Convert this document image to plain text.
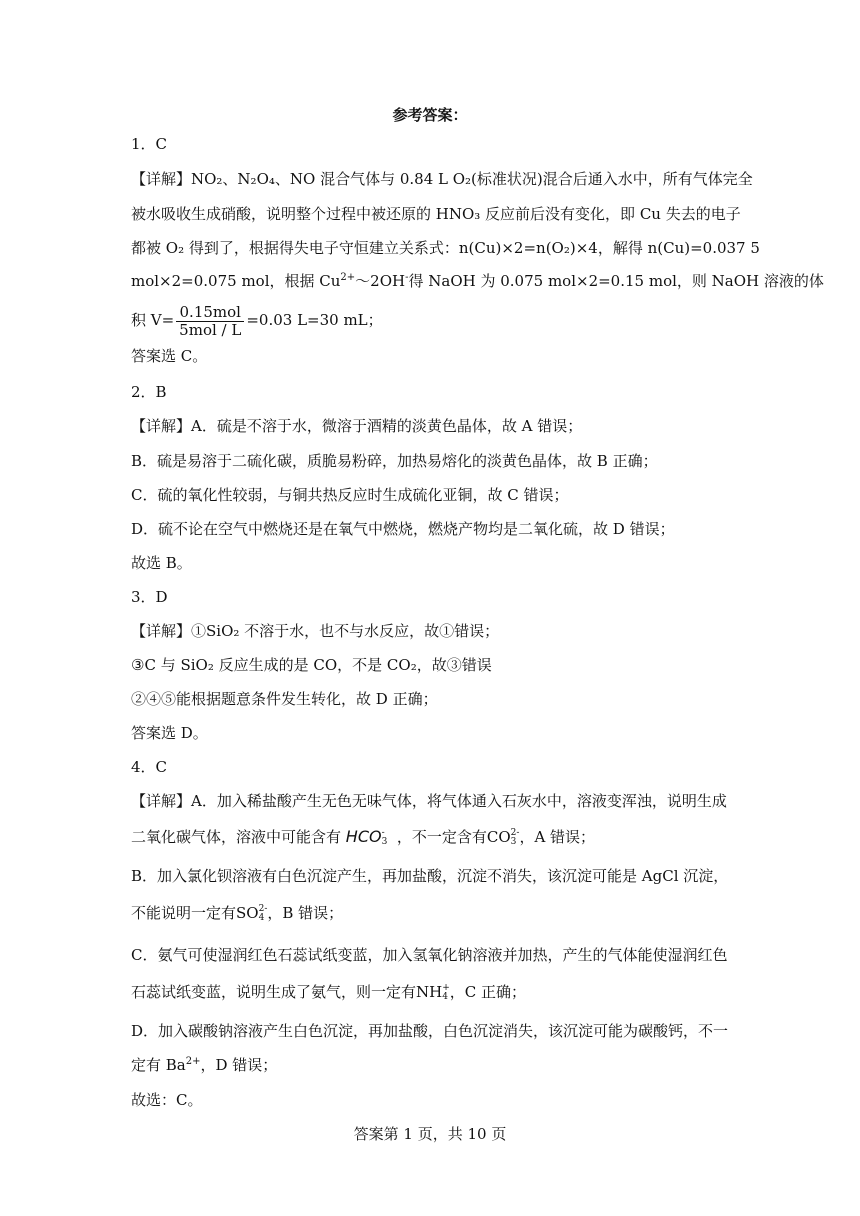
参考答案：
1．C
【详解】NO₂、N₂O₄、NO 混合气体与 0.84 L O₂(标准状况)混合后通入水中，所有气体完全
被水吸收生成硝酸，说明整个过程中被还原的 HNO₃ 反应前后没有变化，即 Cu 失去的电子
都被 O₂ 得到了，根据得失电子守恒建立关系式：n(Cu)×2=n(O₂)×4，解得 n(Cu)=0.037 5
mol×2=0.075 mol，根据 $Cu^{2+}\sim 2OH^-$得 NaOH 为 0.075 mol×2=0.15 mol，则 NaOH 溶液的体
积 $V= \frac{\text{0.15mol}}{\text{5mol / L}} =0.03$ L=30 mL；
答案选 C。
2．B
【详解】A．硫是不溶于水，微溶于酒精的淡黄色晶体，故 A 错误；
B．硫是易溶于二硫化碳，质脆易粉碎，加热易熔化的淡黄色晶体，故 B 正确；
C．硫的氧化性较弱，与铜共热反应时生成硫化亚铜，故 C 错误；
D．硫不论在空气中燃烧还是在氧气中燃烧，燃烧产物均是二氧化硫，故 D 错误；
故选 B。
3．D
【详解】①SiO₂ 不溶于水，也不与水反应，故①错误；
③C 与 SiO₂ 反应生成的是 CO，不是 CO₂，故③错误
②④⑤能根据题意条件发生转化，故 D 正确；
答案选 D。
4．C
【详解】A．加入稀盐酸产生无色无味气体，将气体通入石灰水中，溶液变浑浊，说明生成
二氧化碳气体，溶液中可能含有 HCO -
3 ，不一定含有CO 2-
3 ，A 错误；
B．加入氯化钡溶液有白色沉淀产生，再加盐酸，沉淀不消失，该沉淀可能是 AgCl 沉淀，
不能说明一定有SO 2-
4 ，B 错误；
C．氨气可使湿润红色石蕊试纸变蓝，加入氢氧化钠溶液并加热，产生的气体能使湿润红色
石蕊试纸变蓝，说明生成了氨气，则一定有NH +
4 ，C 正确；
D．加入碳酸钠溶液产生白色沉淀，再加盐酸，白色沉淀消失，该沉淀可能为碳酸钙，不一
定有 $Ba^{2+}$，D 错误；
故选：C。
答案第 1 页，共 10 页
